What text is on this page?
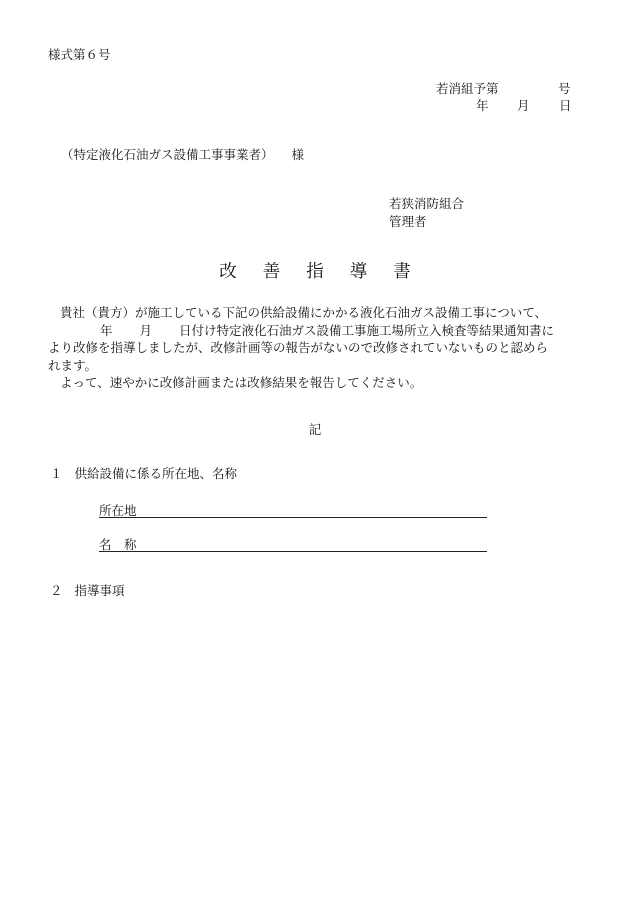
様式第６号
若消組予第	号
年 月 日
（特定液化石油ガス設備工事事業者） 様
若狭消防組合
管理者
改 善 指 導 書

貴社（貴方）が施工している下記の供給設備にかかる液化石油ガス設備工事について、

年 月 日付け特定液化石油ガス設備工事施工場所立入検査等結果通知書に

より改修を指導しましたが、改修計画等の報告がないので改修されていないものと認めら

れます。

よって、速やかに改修計画または改修結果を報告してください。

記
１ 供給設備に係る所在地、名称
所在地
名　称
２ 指導事項
